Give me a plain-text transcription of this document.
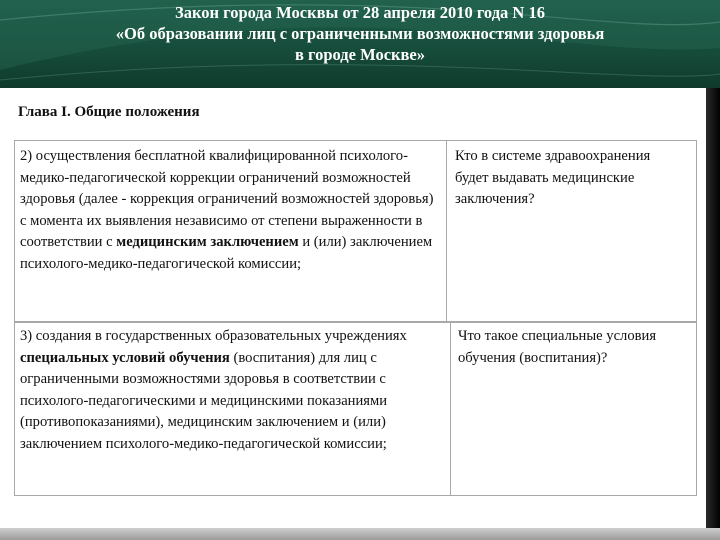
Закон города Москвы от 28 апреля 2010 года N 16
«Об образовании лиц с ограниченными возможностями здоровья
в городе Москве»
Глава I. Общие положения
2) осуществления бесплатной квалифицированной психолого-медико-педагогической коррекции ограничений возможностей здоровья (далее - коррекция ограничений возможностей здоровья) с момента их выявления независимо от степени выраженности в соответствии с медицинским заключением и (или) заключением психолого-медико-педагогической комиссии;
Кто в системе здравоохранения будет выдавать медицинские заключения?
3) создания в государственных образовательных учреждениях специальных условий обучения (воспитания) для лиц с ограниченными возможностями здоровья в соответствии с психолого-педагогическими и медицинскими показаниями (противопоказаниями), медицинским заключением и (или) заключением психолого-медико-педагогической комиссии;
Что такое специальные условия обучения (воспитания)?
